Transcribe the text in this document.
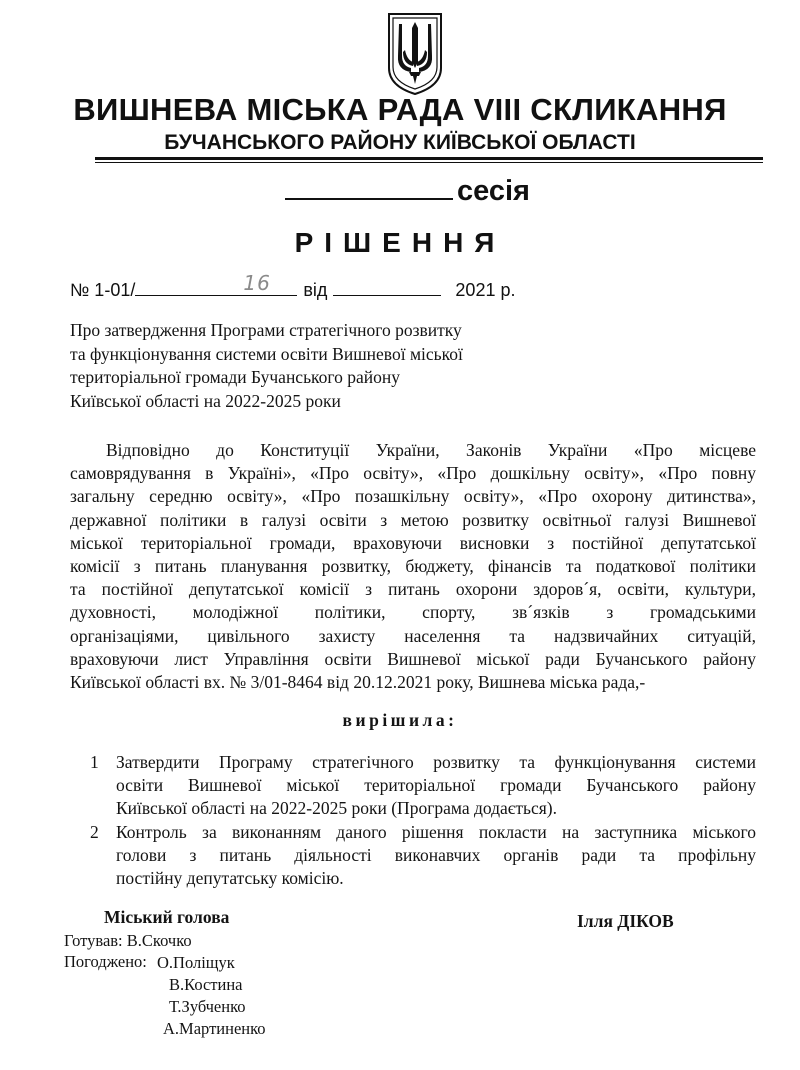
ВИШНЕВА МІСЬКА РАДА VIII СКЛИКАННЯ
БУЧАНСЬКОГО РАЙОНУ КИЇВСЬКОЇ ОБЛАСТІ
сесія
РІШЕННЯ
№ 1-01/	16 від	2021 р.
Про затвердження Програми стратегічного розвитку
та функціонування системи освіти Вишневої міської
територіальної громади Бучанського району
Київської області на 2022-2025 роки
Відповідно до Конституції України, Законів України «Про місцеве
самоврядування в Україні», «Про освіту», «Про дошкільну освіту», «Про повну
загальну середню освіту», «Про позашкільну освіту», «Про охорону дитинства»,
державної політики в галузі освіти з метою розвитку освітньої галузі Вишневої
міської територіальної громади, враховуючи висновки з постійної депутатської
комісії з питань планування розвитку, бюджету, фінансів та податкової політики
та постійної депутатської комісії з питань охорони здоров´я, освіти, культури,
духовності, молодіжної політики, спорту, зв´язків з громадськими
організаціями, цивільного захисту населення та надзвичайних ситуацій,
враховуючи лист Управління освіти Вишневої міської ради Бучанського району
Київської області вх. № 3/01-8464 від 20.12.2021 року, Вишнева міська рада,-
вирішила:
1 Затвердити Програму стратегічного розвитку та функціонування системи
освіти Вишневої міської територіальної громади Бучанського району
Київської області на 2022-2025 роки (Програма додається).
2 Контроль за виконанням даного рішення покласти на заступника міського
голови з питань діяльності виконавчих органів ради та профільну
постійну депутатську комісію.
Міський голова	Ілля ДІКОВ
Готував: В.Скочко
Погоджено: О.Поліщук
В.Костина
Т.Зубченко
А.Мартиненко
